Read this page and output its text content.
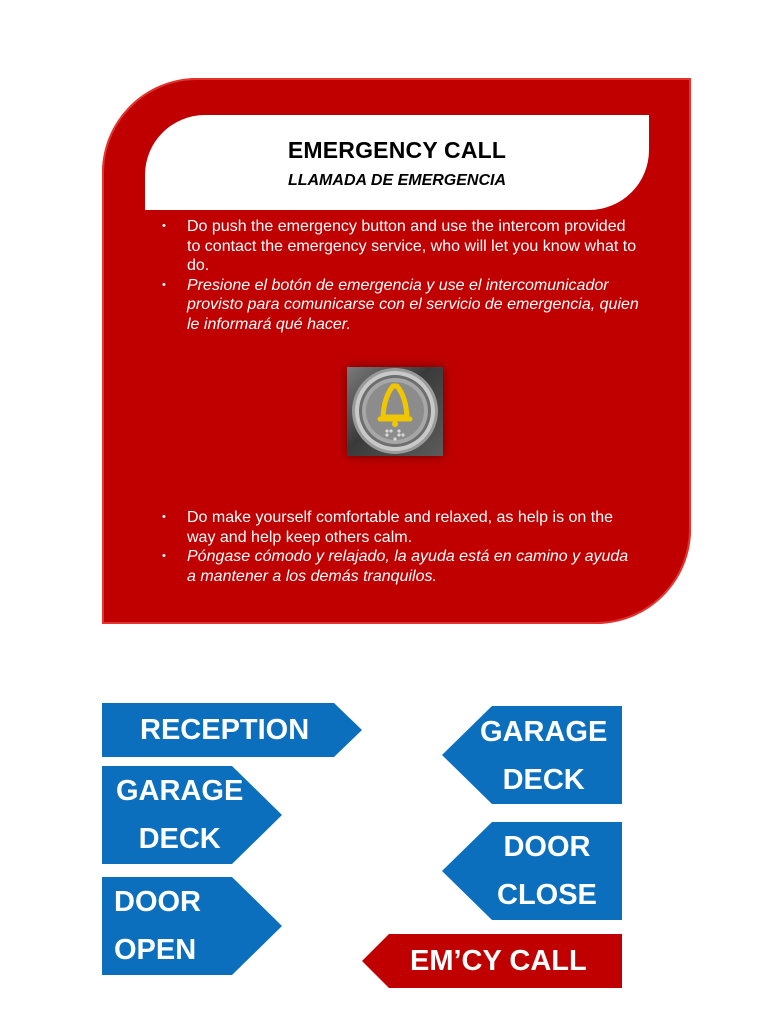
EMERGENCY CALL
LLAMADA DE EMERGENCIA
• Do push the emergency button and use the intercom provided to contact the emergency service, who will let you know what to do.
• Presione el botón de emergencia y use el intercomunicador provisto para comunicarse con el servicio de emergencia, quien le informará qué hacer.
• Do make yourself comfortable and relaxed, as help is on the way and help keep others calm.
• Póngase cómodo y relajado, la ayuda está en camino y ayuda a mantener a los demás tranquilos.
RECEPTION
GARAGE
DECK
DOOR
OPEN
GARAGE
DECK
DOOR
CLOSE
EM’CY CALL
